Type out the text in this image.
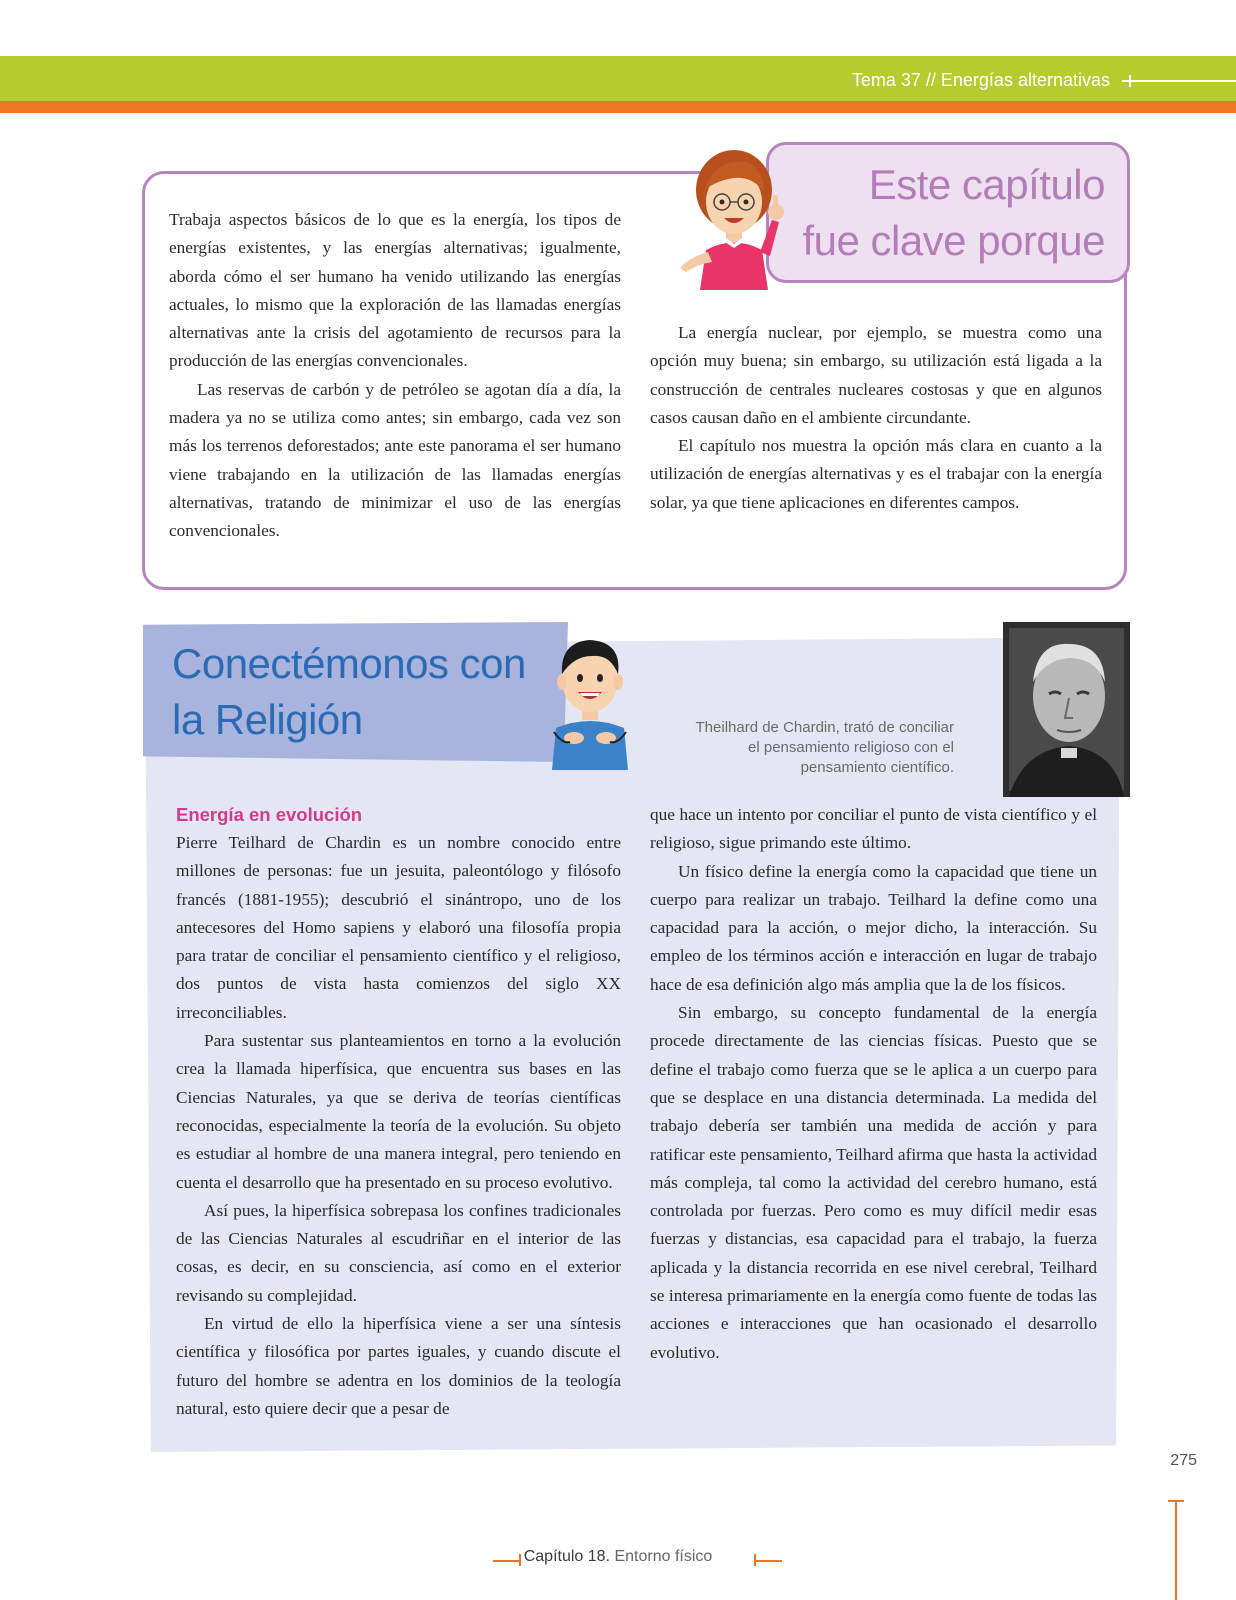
Tema 37 // Energías alternativas
Este capítulo
fue clave porque

Trabaja aspectos básicos de lo que es la energía, los tipos de energías existentes, y las energías alternativas; igualmente, aborda cómo el ser humano ha venido utilizando las energías actuales, lo mismo que la exploración de las llamadas energías alternativas ante la crisis del agotamiento de recursos para la producción de las energías convencionales.

Las reservas de carbón y de petróleo se agotan día a día, la madera ya no se utiliza como antes; sin embargo, cada vez son más los terrenos deforestados; ante este panorama el ser humano viene trabajando en la utilización de las llamadas energías alternativas, tratando de minimizar el uso de las energías convencionales.

La energía nuclear, por ejemplo, se muestra como una opción muy buena; sin embargo, su utilización está ligada a la construcción de centrales nucleares costosas y que en algunos casos causan daño en el ambiente circundante.

El capítulo nos muestra la opción más clara en cuanto a la utilización de energías alternativas y es el trabajar con la energía solar, ya que tiene aplicaciones en diferentes campos.

Conectémonos con
la Religión	Theilhard de Chardin, trató de conciliar
el pensamiento religioso con el
pensamiento científico.

Energía en evolución

Pierre Teilhard de Chardin es un nombre conocido entre millones de personas: fue un jesuita, paleontólogo y filósofo francés (1881-1955); descubrió el sinántropo, uno de los antecesores del Homo sapiens y elaboró una filosofía propia para tratar de conciliar el pensamiento científico y el religioso, dos puntos de vista hasta comienzos del siglo XX irreconciliables.

Para sustentar sus planteamientos en torno a la evolución crea la llamada hiperfísica, que encuentra sus bases en las Ciencias Naturales, ya que se deriva de teorías científicas reconocidas, especialmente la teoría de la evolución. Su objeto es estudiar al hombre de una manera integral, pero teniendo en cuenta el desarrollo que ha presentado en su proceso evolutivo.

Así pues, la hiperfísica sobrepasa los confines tradicionales de las Ciencias Naturales al escudriñar en el interior de las cosas, es decir, en su consciencia, así como en el exterior revisando su complejidad.

En virtud de ello la hiperfísica viene a ser una síntesis científica y filosófica por partes iguales, y cuando discute el futuro del hombre se adentra en los dominios de la teología natural, esto quiere decir que a pesar de

que hace un intento por conciliar el punto de vista científico y el religioso, sigue primando este último.

Un físico define la energía como la capacidad que tiene un cuerpo para realizar un trabajo. Teilhard la define como una capacidad para la acción, o mejor dicho, la interacción. Su empleo de los términos acción e interacción en lugar de trabajo hace de esa definición algo más amplia que la de los físicos.

Sin embargo, su concepto fundamental de la energía procede directamente de las ciencias físicas. Puesto que se define el trabajo como fuerza que se le aplica a un cuerpo para que se desplace en una distancia determinada. La medida del trabajo debería ser también una medida de acción y para ratificar este pensamiento, Teilhard afirma que hasta la actividad más compleja, tal como la actividad del cerebro humano, está controlada por fuerzas. Pero como es muy difícil medir esas fuerzas y distancias, esa capacidad para el trabajo, la fuerza aplicada y la distancia recorrida en ese nivel cerebral, Teilhard se interesa primariamente en la energía como fuente de todas las acciones e interacciones que han ocasionado el desarrollo evolutivo.

275
Capítulo 18. Entorno físico
